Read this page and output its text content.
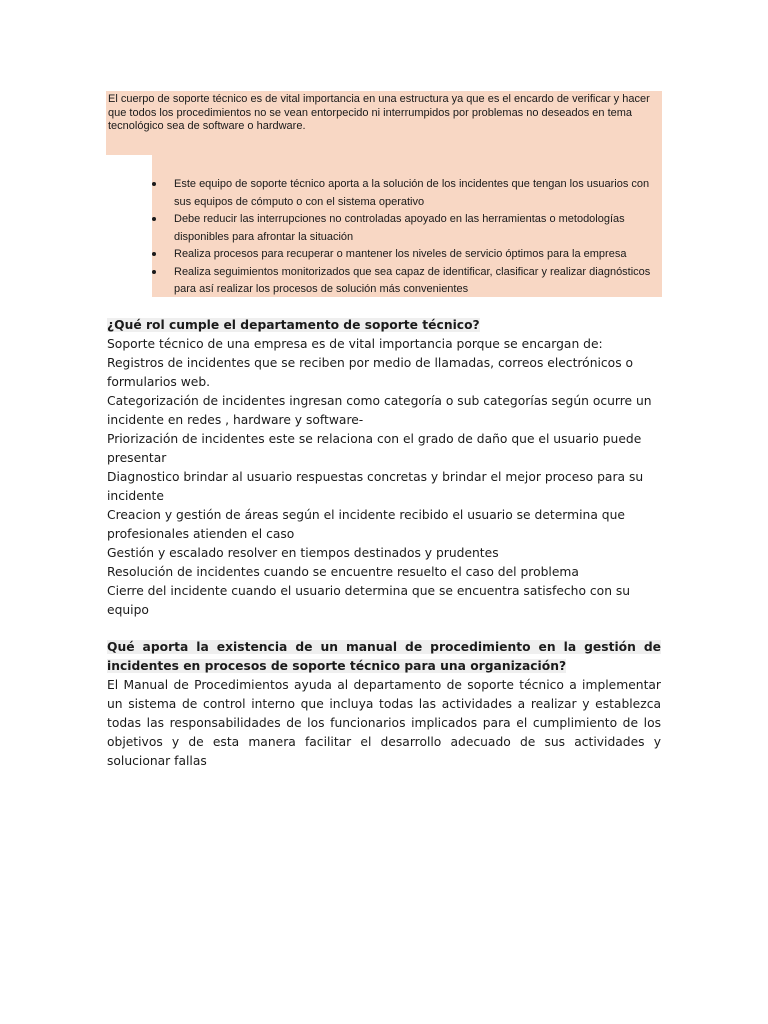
El cuerpo de soporte técnico es de vital importancia en una estructura ya que es el encardo de verificar y hacer que todos los procedimientos no se vean entorpecido ni interrumpidos por problemas no deseados en tema tecnológico sea de software o hardware.

Este equipo de soporte técnico aporta a la solución de los incidentes que tengan los usuarios con sus equipos de cómputo o con el sistema operativo
Debe reducir las interrupciones no controladas apoyado en las herramientas o metodologías disponibles para afrontar la situación
Realiza procesos para recuperar o mantener los niveles de servicio óptimos para la empresa
Realiza seguimientos monitorizados que sea capaz de identificar, clasificar y realizar diagnósticos para así realizar los procesos de solución más convenientes
¿Qué rol cumple el departamento de soporte técnico?
Soporte técnico de una empresa es de vital importancia porque se encargan de:
Registros de incidentes que se reciben por medio de llamadas, correos electrónicos o formularios web.
Categorización de incidentes ingresan como categoría o sub categorías según ocurre un incidente en redes , hardware y software-
Priorización de incidentes este se relaciona con el grado de daño que el usuario puede presentar
Diagnostico brindar al usuario respuestas concretas y brindar el mejor proceso para su incidente
Creacion y gestión de áreas según el incidente recibido el usuario se determina que profesionales atienden el caso
Gestión y escalado resolver en tiempos destinados y prudentes
Resolución de incidentes cuando se encuentre resuelto el caso del problema
Cierre del incidente cuando el usuario determina que se encuentra satisfecho con su equipo
Qué aporta la existencia de un manual de procedimiento en la gestión de incidentes en procesos de soporte técnico para una organización?
El Manual de Procedimientos ayuda al departamento de soporte técnico a implementar un sistema de control interno que incluya todas las actividades a realizar y establezca todas las responsabilidades de los funcionarios implicados para el cumplimiento de los objetivos y de esta manera facilitar el desarrollo adecuado de sus actividades y solucionar fallas
